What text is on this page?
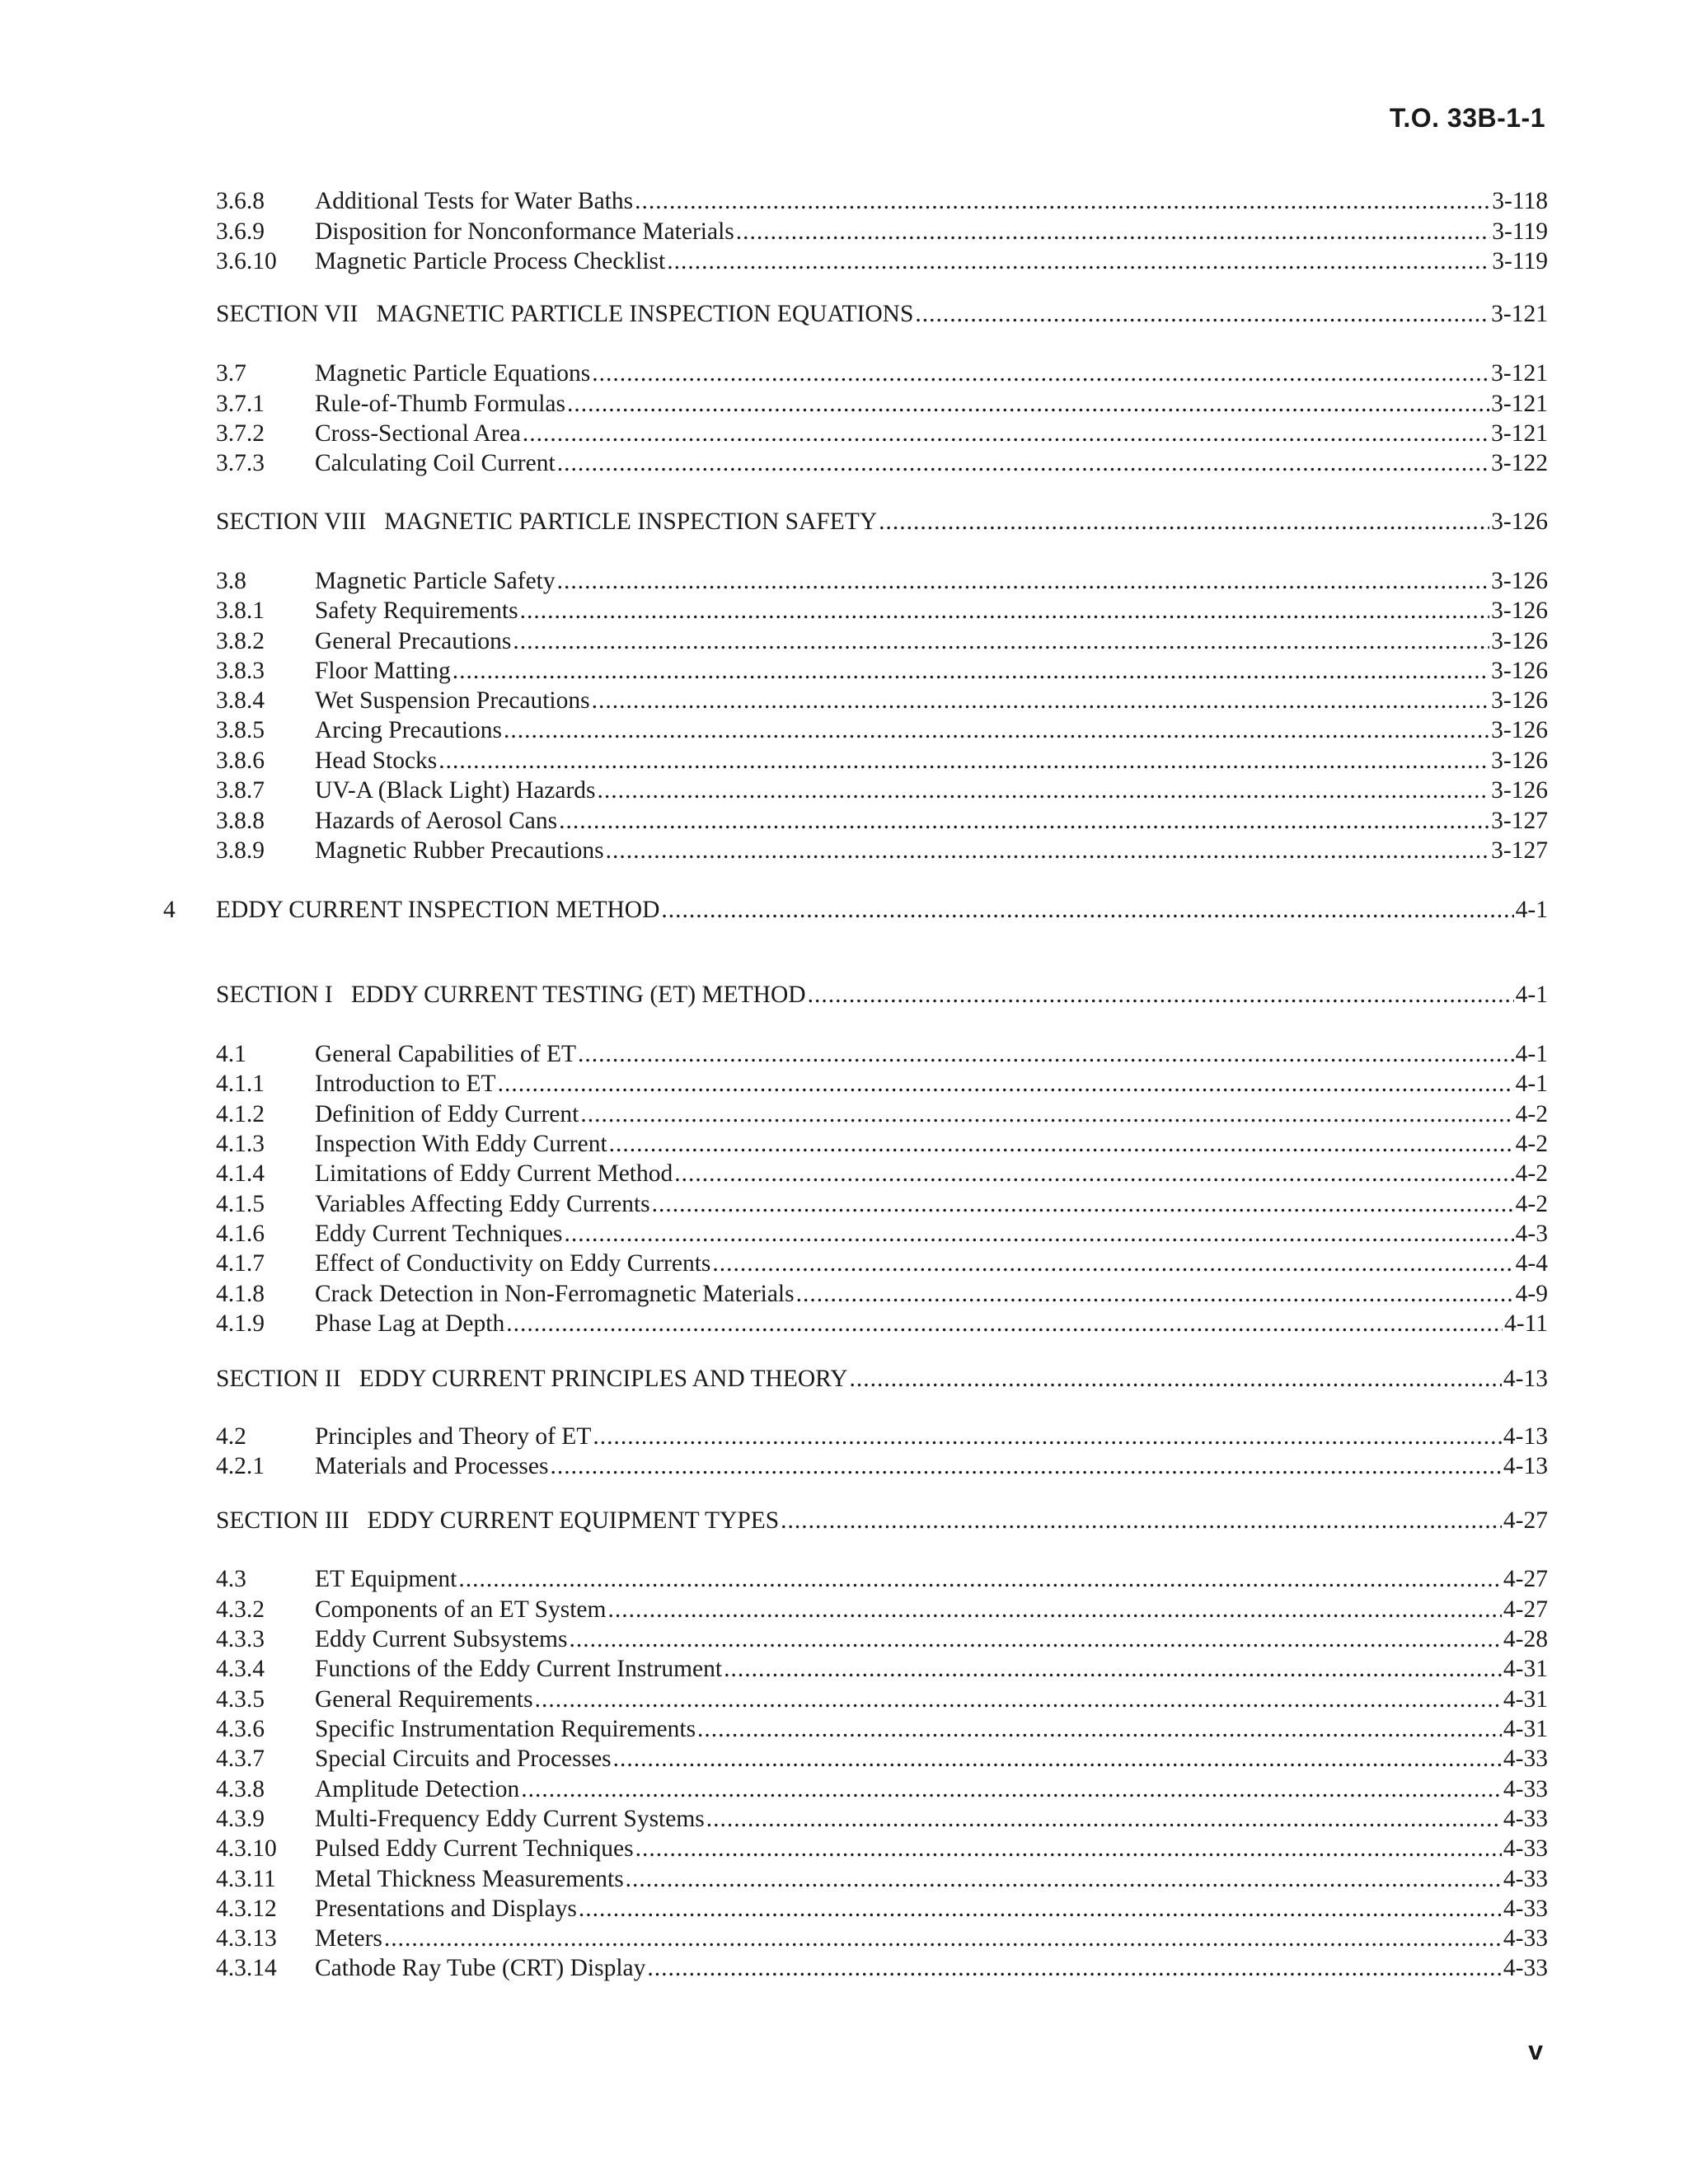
T.O. 33B-1-1
3.6.8	Additional Tests for Water Baths .....	3-118
3.6.9	Disposition for Nonconformance Materials .....	3-119
3.6.10	Magnetic Particle Process Checklist .....	3-119
SECTION VII   MAGNETIC PARTICLE INSPECTION EQUATIONS .....	3-121
3.7	Magnetic Particle Equations .....	3-121
3.7.1	Rule-of-Thumb Formulas .....	3-121
3.7.2	Cross-Sectional Area .....	3-121
3.7.3	Calculating Coil Current .....	3-122
SECTION VIII   MAGNETIC PARTICLE INSPECTION SAFETY .....	3-126
3.8	Magnetic Particle Safety .....	3-126
3.8.1	Safety Requirements .....	3-126
3.8.2	General Precautions .....	3-126
3.8.3	Floor Matting .....	3-126
3.8.4	Wet Suspension Precautions .....	3-126
3.8.5	Arcing Precautions .....	3-126
3.8.6	Head Stocks .....	3-126
3.8.7	UV-A (Black Light) Hazards .....	3-126
3.8.8	Hazards of Aerosol Cans .....	3-127
3.8.9	Magnetic Rubber Precautions .....	3-127
4	EDDY CURRENT INSPECTION METHOD .....	4-1
SECTION I   EDDY CURRENT TESTING (ET) METHOD .....	4-1
4.1	General Capabilities of ET .....	4-1
4.1.1	Introduction to ET .....	4-1
4.1.2	Definition of Eddy Current .....	4-2
4.1.3	Inspection With Eddy Current .....	4-2
4.1.4	Limitations of Eddy Current Method .....	4-2
4.1.5	Variables Affecting Eddy Currents .....	4-2
4.1.6	Eddy Current Techniques .....	4-3
4.1.7	Effect of Conductivity on Eddy Currents .....	4-4
4.1.8	Crack Detection in Non-Ferromagnetic Materials .....	4-9
4.1.9	Phase Lag at Depth .....	4-11
SECTION II   EDDY CURRENT PRINCIPLES AND THEORY .....	4-13
4.2	Principles and Theory of ET .....	4-13
4.2.1	Materials and Processes .....	4-13
SECTION III   EDDY CURRENT EQUIPMENT TYPES .....	4-27
4.3	ET Equipment .....	4-27
4.3.2	Components of an ET System .....	4-27
4.3.3	Eddy Current Subsystems .....	4-28
4.3.4	Functions of the Eddy Current Instrument .....	4-31
4.3.5	General Requirements .....	4-31
4.3.6	Specific Instrumentation Requirements .....	4-31
4.3.7	Special Circuits and Processes .....	4-33
4.3.8	Amplitude Detection .....	4-33
4.3.9	Multi-Frequency Eddy Current Systems .....	4-33
4.3.10	Pulsed Eddy Current Techniques .....	4-33
4.3.11	Metal Thickness Measurements .....	4-33
4.3.12	Presentations and Displays .....	4-33
4.3.13	Meters .....	4-33
4.3.14	Cathode Ray Tube (CRT) Display .....	4-33
v
